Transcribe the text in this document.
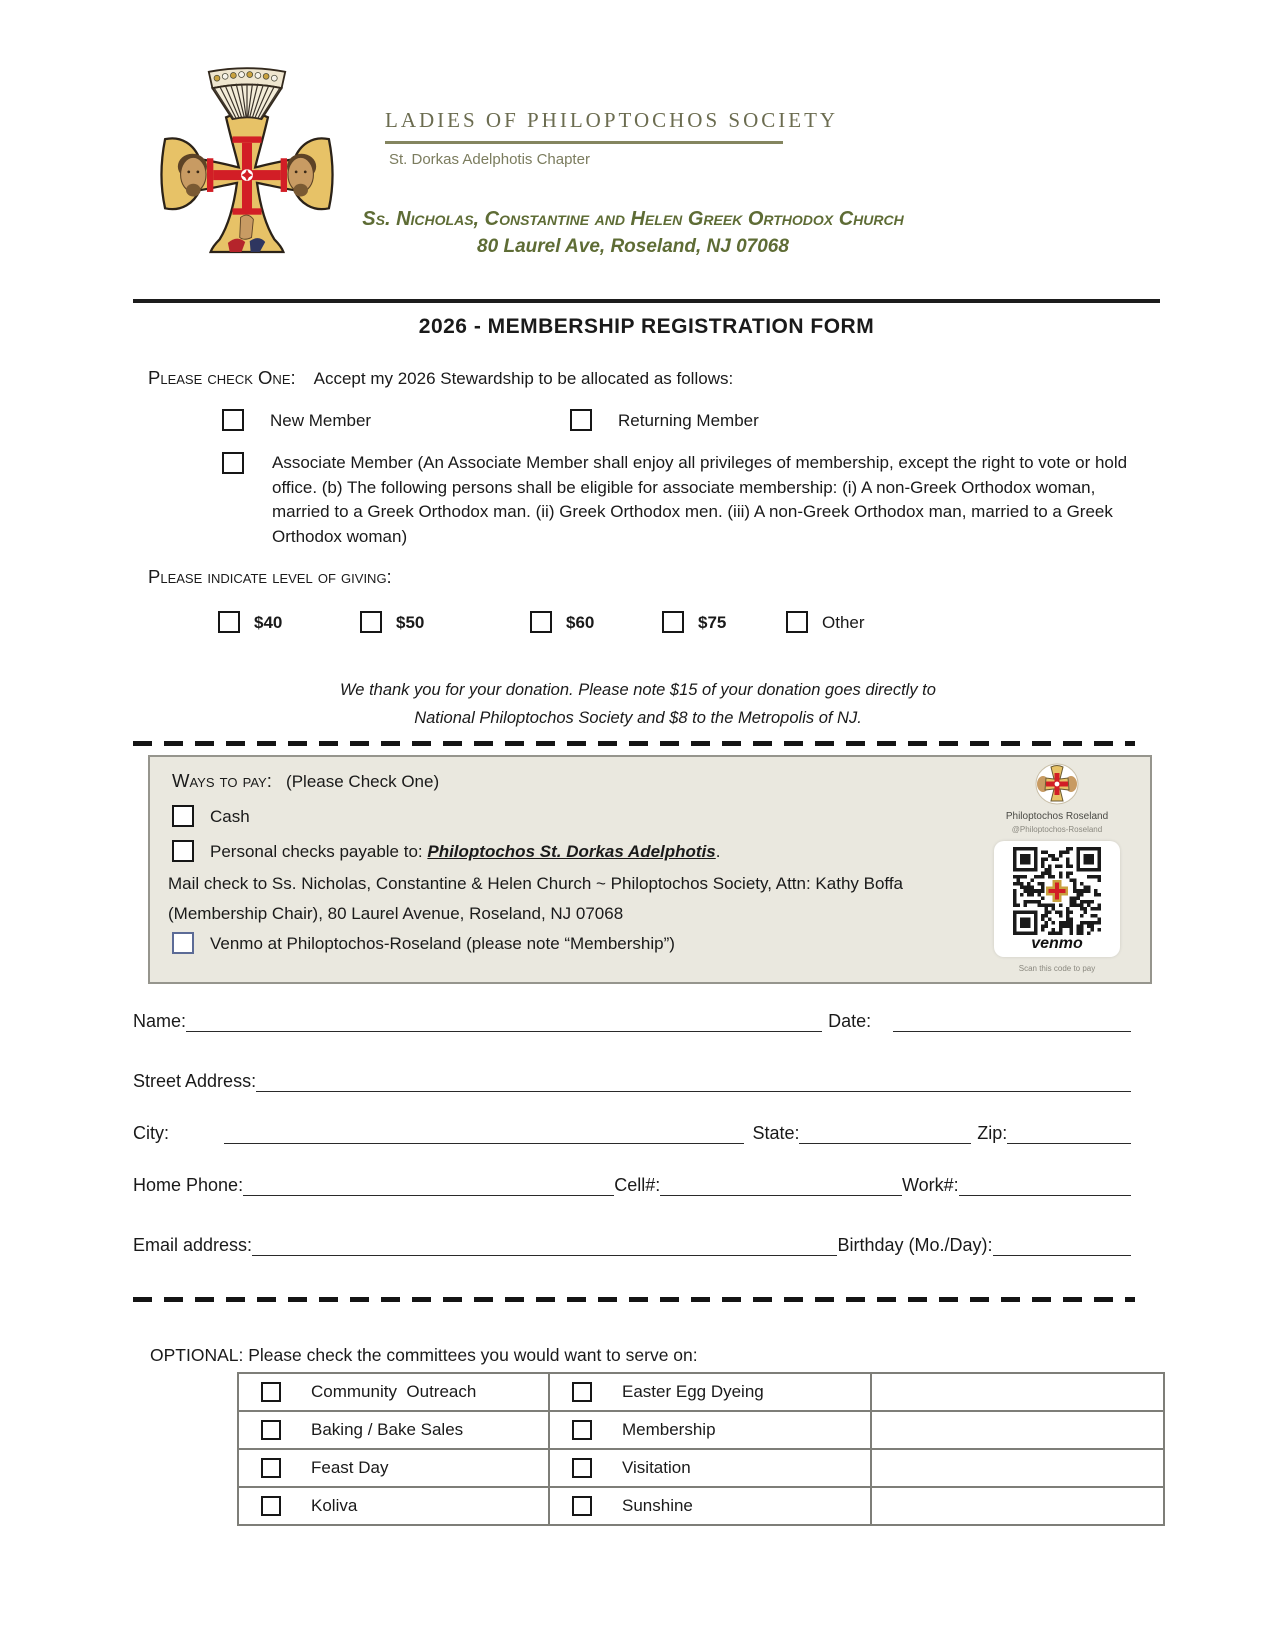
LADIES OF PHILOPTOCHOS SOCIETY
St. Dorkas Adelphotis Chapter
Ss. Nicholas, Constantine and Helen Greek Orthodox Church
80 Laurel Ave, Roseland, NJ 07068
2026 - MEMBERSHIP REGISTRATION FORM
Please check One: Accept my 2026 Stewardship to be allocated as follows:
New Member	Returning Member
Associate Member (An Associate Member shall enjoy all privileges of membership, except the right to vote or hold office. (b) The following persons shall be eligible for associate membership: (i) A non-Greek Orthodox woman, married to a Greek Orthodox man. (ii) Greek Orthodox men. (iii) A non-Greek Orthodox man, married to a Greek Orthodox woman)
Please indicate level of giving:
$40	$50	$60	$75	Other
We thank you for your donation. Please note $15 of your donation goes directly to
National Philoptochos Society and $8 to the Metropolis of NJ.
Ways to pay: (Please Check One)
Cash
Personal checks payable to: Philoptochos St. Dorkas Adelphotis.
Mail check to Ss. Nicholas, Constantine & Helen Church ~ Philoptochos Society, Attn: Kathy Boffa (Membership Chair), 80 Laurel Avenue, Roseland, NJ 07068
Venmo at Philoptochos-Roseland (please note “Membership”)
Philoptochos Roseland
@Philoptochos-Roseland
venmo
Scan this code to pay
Name:	Date:
Street Address:
City:	State:	Zip:
Home Phone:	Cell#:	Work#:
Email address:	Birthday (Mo./Day):
OPTIONAL: Please check the committees you would want to serve on:
Community  Outreach	Easter Egg Dyeing	

Baking / Bake Sales	Membership	

Feast Day	Visitation	

Koliva	Sunshine	
